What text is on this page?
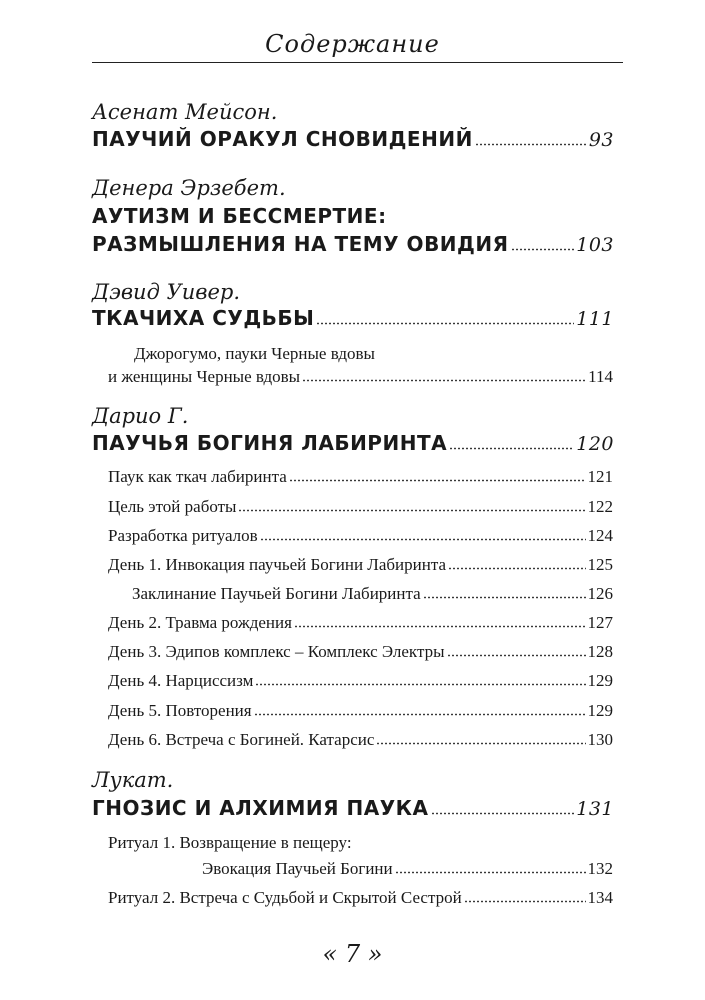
Содержание
Асенат Мейсон.
ПАУЧИЙ ОРАКУЛ СНОВИДЕНИЙ	93
Денера Эрзебет.
АУТИЗМ И БЕССМЕРТИЕ:
РАЗМЫШЛЕНИЯ НА ТЕМУ ОВИДИЯ	103
Дэвид Уивер.
ТКАЧИХА СУДЬБЫ	111
Джорогумо, пауки Черные вдовы
и женщины Черные вдовы	114
Дарио Г.
ПАУЧЬЯ БОГИНЯ ЛАБИРИНТА	120
Паук как ткач лабиринта	121
Цель этой работы	122
Разработка ритуалов	124
День 1. Инвокация паучьей Богини Лабиринта	125
Заклинание Паучьей Богини Лабиринта	126
День 2. Травма рождения	127
День 3. Эдипов комплекс – Комплекс Электры	128
День 4. Нарциссизм	129
День 5. Повторения	129
День 6. Встреча с Богиней. Катарсис	130
Лукат.
ГНОЗИС И АЛХИМИЯ ПАУКА	131
Ритуал 1. Возвращение в пещеру:
Эвокация Паучьей Богини	132
Ритуал 2. Встреча с Судьбой и Скрытой Сестрой	134
« 7 »
